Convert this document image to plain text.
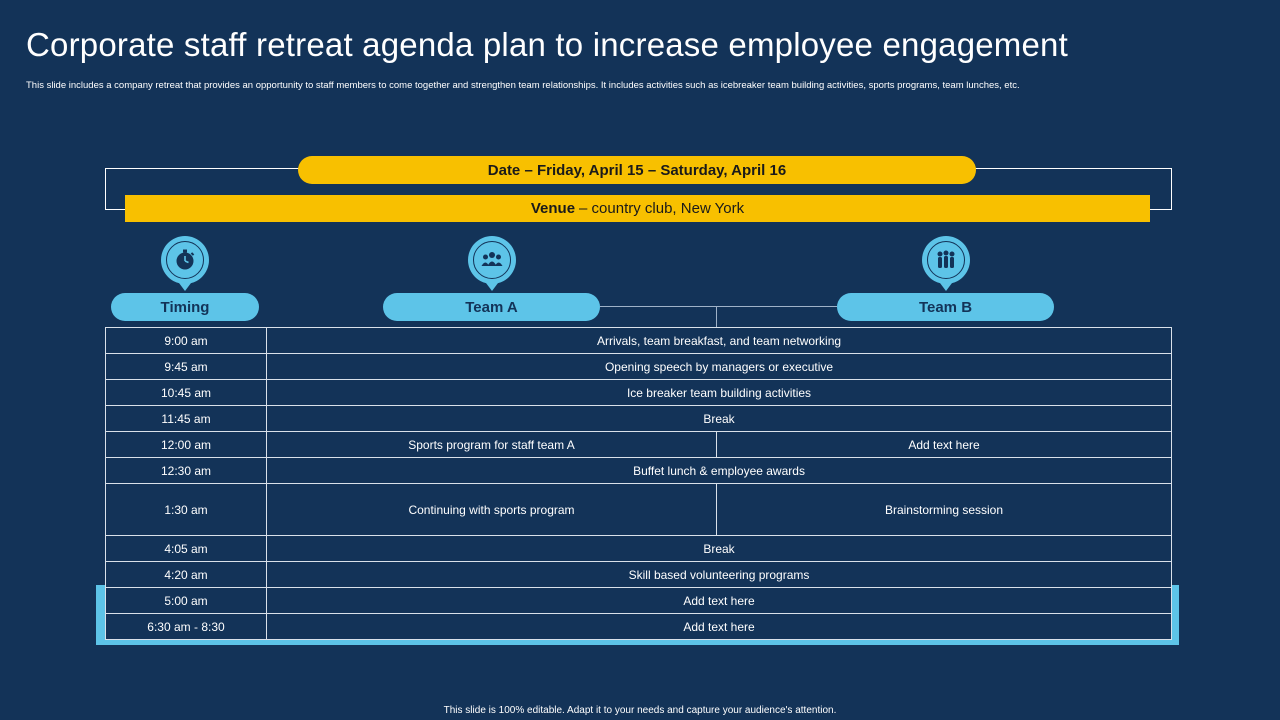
Corporate staff retreat agenda plan to increase employee engagement
This slide includes a company retreat that provides an opportunity to staff members to come together and strengthen team relationships. It includes activities such as icebreaker team building activities, sports programs, team lunches, etc.
Date – Friday, April 15 – Saturday, April 16
Venue – country club, New York
Timing	Team A	Team B
9:00 am	Arrivals, team breakfast, and team networking	
9:45 am	Opening speech by managers or executive	
10:45 am	Ice breaker team building activities	
11:45 am	Break	
12:00 am	Sports program for staff team A	Add text here
12:30 am	Buffet lunch & employee awards	
1:30 am	Continuing with sports program	Brainstorming session
4:05 am	Break	
4:20 am	Skill based volunteering programs	
5:00 am	Add text here	
6:30 am - 8:30	Add text here	
This slide is 100% editable. Adapt it to your needs and capture your audience's attention.
